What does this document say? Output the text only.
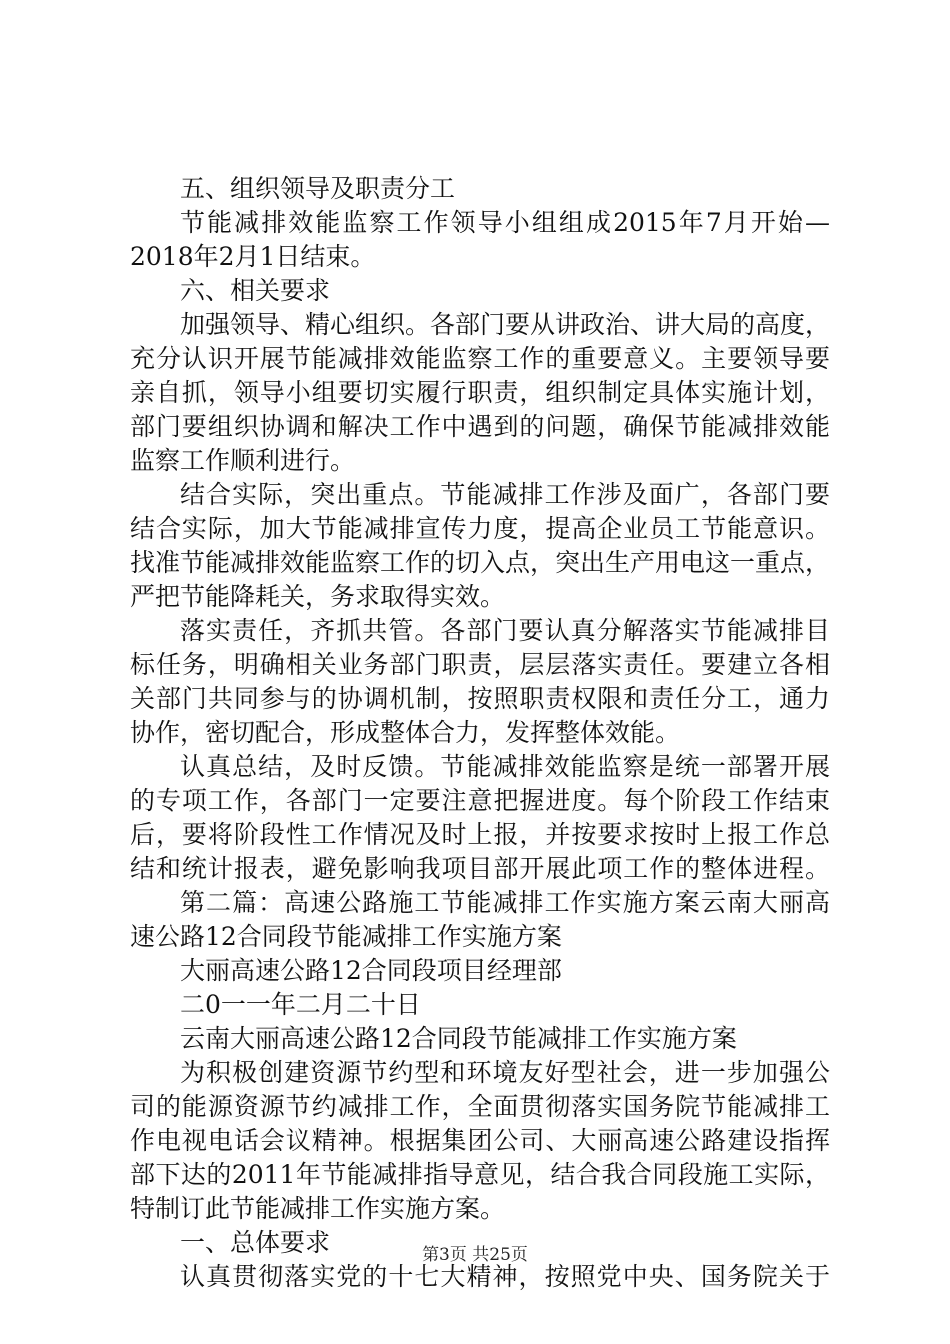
五、组织领导及职责分工
节能减排效能监察工作领导小组组成2015年7月开始—
2018年2月1日结束。
六、相关要求
加强领导、精心组织。各部门要从讲政治、讲大局的高度，
充分认识开展节能减排效能监察工作的重要意义。主要领导要
亲自抓，领导小组要切实履行职责，组织制定具体实施计划，
部门要组织协调和解决工作中遇到的问题，确保节能减排效能
监察工作顺利进行。
结合实际，突出重点。节能减排工作涉及面广，各部门要
结合实际，加大节能减排宣传力度，提高企业员工节能意识。
找准节能减排效能监察工作的切入点，突出生产用电这一重点，
严把节能降耗关，务求取得实效。
落实责任，齐抓共管。各部门要认真分解落实节能减排目
标任务，明确相关业务部门职责，层层落实责任。要建立各相
关部门共同参与的协调机制，按照职责权限和责任分工，通力
协作，密切配合，形成整体合力，发挥整体效能。
认真总结，及时反馈。节能减排效能监察是统一部署开展
的专项工作，各部门一定要注意把握进度。每个阶段工作结束
后，要将阶段性工作情况及时上报，并按要求按时上报工作总
结和统计报表，避免影响我项目部开展此项工作的整体进程。
第二篇：高速公路施工节能减排工作实施方案云南大丽高
速公路12合同段节能减排工作实施方案
大丽高速公路12合同段项目经理部
二0一一年二月二十日
云南大丽高速公路12合同段节能减排工作实施方案
为积极创建资源节约型和环境友好型社会，进一步加强公
司的能源资源节约减排工作，全面贯彻落实国务院节能减排工
作电视电话会议精神。根据集团公司、大丽高速公路建设指挥
部下达的2011年节能减排指导意见，结合我合同段施工实际，
特制订此节能减排工作实施方案。
一、总体要求
认真贯彻落实党的十七大精神，按照党中央、国务院关于
第3页 共25页
